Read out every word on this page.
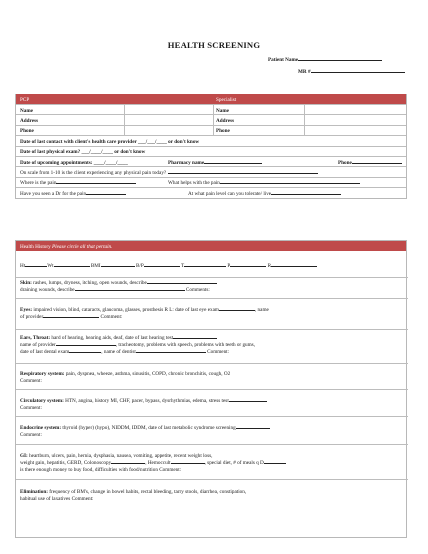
HEALTH SCREENING
Patient Name
MR #
PCP	Specialist
Name	Name
Address	Address
Phone	Phone
Date of last contact with client's health care provider ___/___/____ or don't know
Date of last physical exam? ___/____/____ or don't know
Date of upcoming appointments: ____/____/____	Pharmacy name	Phone
On scale from 1-10 is the client experiencing any physical pain today?
Where is the pain	What helps with the pain
Have you seen a Dr for the pain	At what pain level can you tolerate/ live
Health History Please circle all that pertain.
Ht	Wt	BMI	B/P	T	P	R
Skin: rashes, lumps, dryness, itching, open wounds, describe
draining wounds, describe	Comments:
Eyes: impaired vision, blind, cataracts, glaucoma, glasses, prosthesis R L: date of last eye exam	, name
of provider	Comment:
Ears, Throat: hard of hearing, hearing aids, deaf, date of last hearing test
name of provider	, tracheotomy, problems with speech, problems with teeth or gums,
date of last dental exam	, name of dentist	Comment:
Respiratory system: pain, dyspnea, wheeze, asthma, sinusitis, COPD, chronic bronchitis, cough, O2
Comment:
Circulatory system: HTN, angina, history MI, CHF, pacer, bypass, dysrhythmias, edema, stress test
Comment:
Endocrine system: thyroid (hyper) (hypo), NIDDM, IDDM, date of last metabolic syndrome screening
Comment:
GI: heartburn, ulcers, pain, hernia, dysphasia, nausea, vomiting, appetite, recent weight loss,
weight gain, hepatitis, GERD, Colonoscopy	, Hemoccult	, special diet, # of meals q D
is there enough money to buy food, difficulties with food/nutrition Comment:
Elimination: frequency of BM's, change in bowel habits, rectal bleeding, tarry stools, diarrhea, constipation,
habitual use of laxatives Comment:
